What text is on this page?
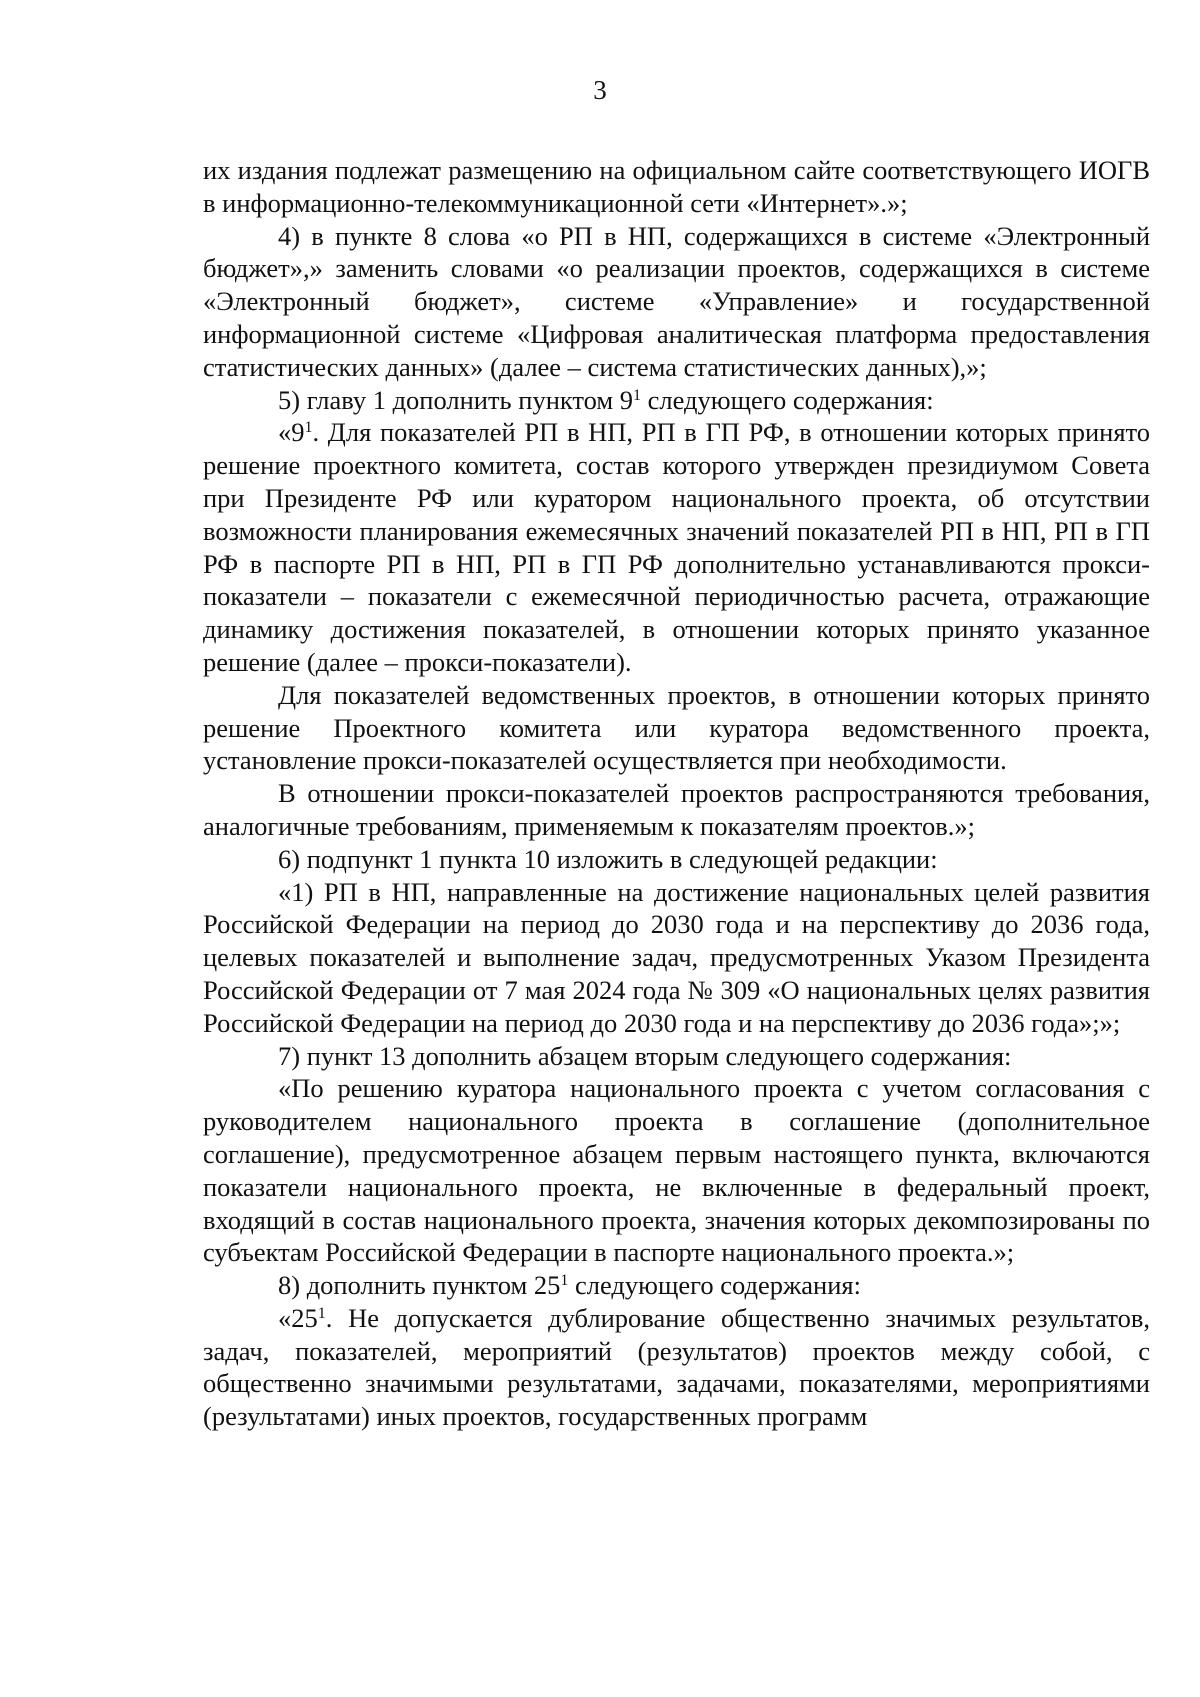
3

их издания подлежат размещению на официальном сайте соответствующего ИОГВ в информационно-телекоммуникационной сети «Интернет».»;

4) в пункте 8 слова «о РП в НП, содержащихся в системе «Электронный бюджет»,» заменить словами «о реализации проектов, содержащихся в системе «Электронный бюджет», системе «Управление» и государственной информационной системе «Цифровая аналитическая платформа предоставления статистических данных» (далее – система статистических данных),»;

5) главу 1 дополнить пунктом $9^1$ следующего содержания:

«$9^1$. Для показателей РП в НП, РП в ГП РФ, в отношении которых принято решение проектного комитета, состав которого утвержден президиумом Совета при Президенте РФ или куратором национального проекта, об отсутствии возможности планирования ежемесячных значений показателей РП в НП, РП в ГП РФ в паспорте РП в НП, РП в ГП РФ дополнительно устанавливаются прокси-показатели – показатели с ежемесячной периодичностью расчета, отражающие динамику достижения показателей, в отношении которых принято указанное решение (далее – прокси-показатели).

Для показателей ведомственных проектов, в отношении которых принято решение Проектного комитета или куратора ведомственного проекта, установление прокси-показателей осуществляется при необходимости.

В отношении прокси-показателей проектов распространяются требования, аналогичные требованиям, применяемым к показателям проектов.»;

6) подпункт 1 пункта 10 изложить в следующей редакции:

«1) РП в НП, направленные на достижение национальных целей развития Российской Федерации на период до 2030 года и на перспективу до 2036 года, целевых показателей и выполнение задач, предусмотренных Указом Президента Российской Федерации от 7 мая 2024 года № 309 «О национальных целях развития Российской Федерации на период до 2030 года и на перспективу до 2036 года»;»;

7) пункт 13 дополнить абзацем вторым следующего содержания:

«По решению куратора национального проекта с учетом согласования с руководителем национального проекта в соглашение (дополнительное соглашение), предусмотренное абзацем первым настоящего пункта, включаются показатели национального проекта, не включенные в федеральный проект, входящий в состав национального проекта, значения которых декомпозированы по субъектам Российской Федерации в паспорте национального проекта.»;

8) дополнить пунктом $25^1$ следующего содержания:

«$25^1$. Не допускается дублирование общественно значимых результатов, задач, показателей, мероприятий (результатов) проектов между собой, с общественно значимыми результатами, задачами, показателями, мероприятиями (результатами) иных проектов, государственных программ
